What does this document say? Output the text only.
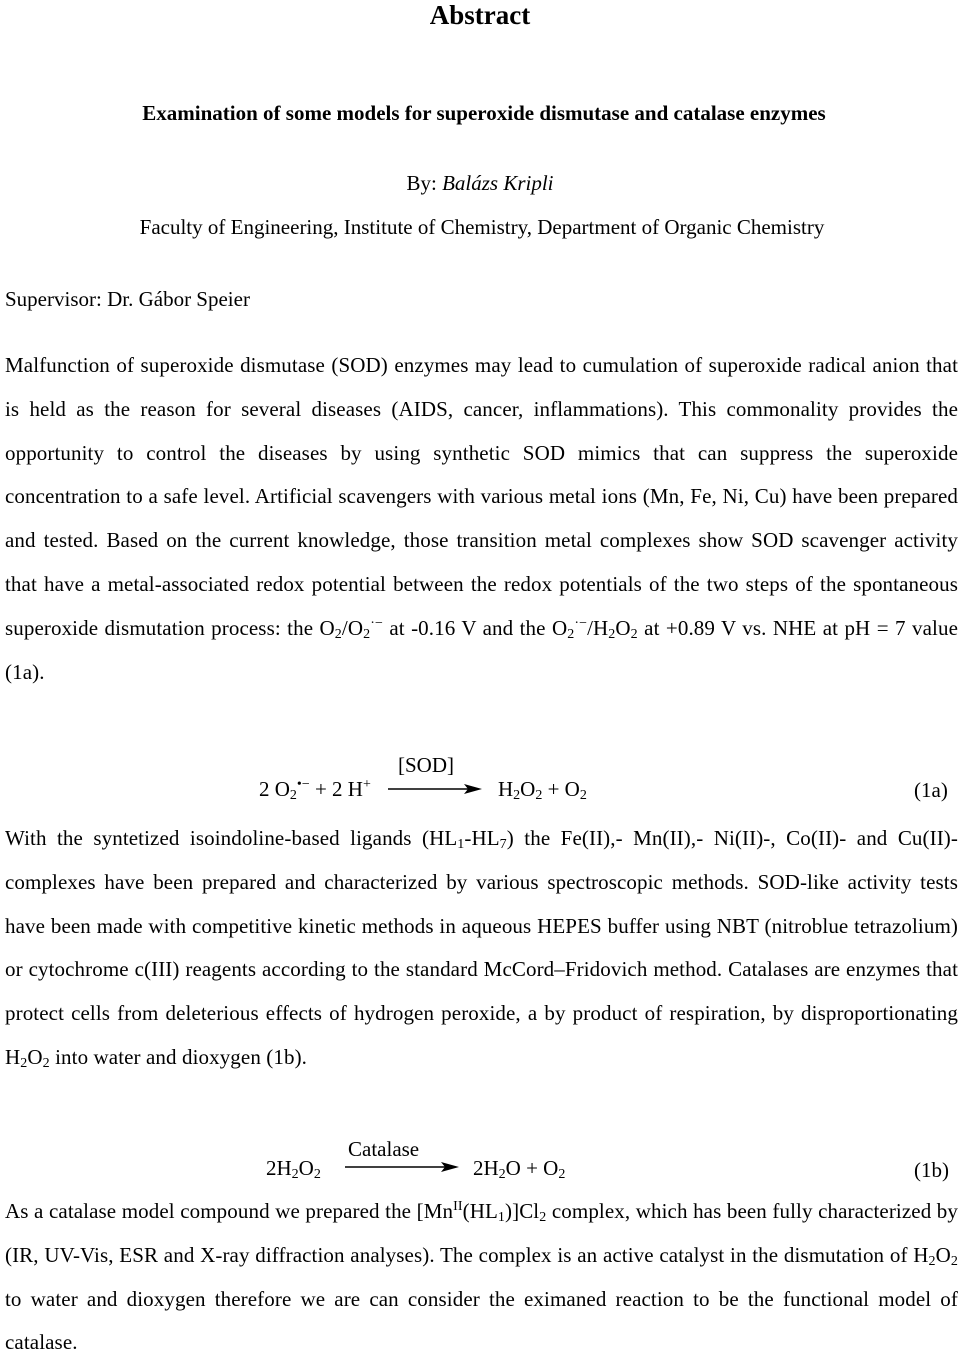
Abstract
Examination of some models for superoxide dismutase and catalase enzymes
By: Balázs Kripli
Faculty of Engineering, Institute of Chemistry, Department of Organic Chemistry
Supervisor: Dr. Gábor Speier
Malfunction of superoxide dismutase (SOD) enzymes may lead to cumulation of superoxide radical anion that is held as the reason for several diseases (AIDS, cancer, inflammations). This commonality provides the opportunity to control the diseases by using synthetic SOD mimics that can suppress the superoxide concentration to a safe level. Artificial scavengers with various metal ions (Mn, Fe, Ni, Cu) have been prepared and tested. Based on the current knowledge, those transition metal complexes show SOD scavenger activity that have a metal-associated redox potential between the redox potentials of the two steps of the spontaneous superoxide dismutation process: the $O_2/O_2^{\cdot-}$ at -0.16 V and the $O_2^{\cdot-}/H_2O_2$ at +0.89 V vs. NHE at pH = 7 value (1a).
2 $O_2^{•-} + 2$ H+
[SOD]
$H_2O_2 + O_2$	(1a)
With the syntetized isoindoline-based ligands $(HL_1-HL_7)$ the Fe(II),- Mn(II),- Ni(II)-, Co(II)- and Cu(II)-complexes have been prepared and characterized by various spectroscopic methods. SOD-like activity tests have been made with competitive kinetic methods in aqueous HEPES buffer using NBT (nitroblue tetrazolium) or cytochrome c(III) reagents according to the standard McCord–Fridovich method. Catalases are enzymes that protect cells from deleterious effects of hydrogen peroxide, a by product of respiration, by disproportionating $H_2O_2$ into water and dioxygen (1b).
$2H_2O_2$
Catalase
$2H_2O + O_2$	(1b)
As a catalase model compound we prepared the $[Mn^{II}(HL_1)]Cl_2$ complex, which has been fully characterized by (IR, UV-Vis, ESR and X-ray diffraction analyses). The complex is an active catalyst in the dismutation of $H_2O_2$ to water and dioxygen therefore we are can consider the eximaned reaction to be the functional model of catalase.
